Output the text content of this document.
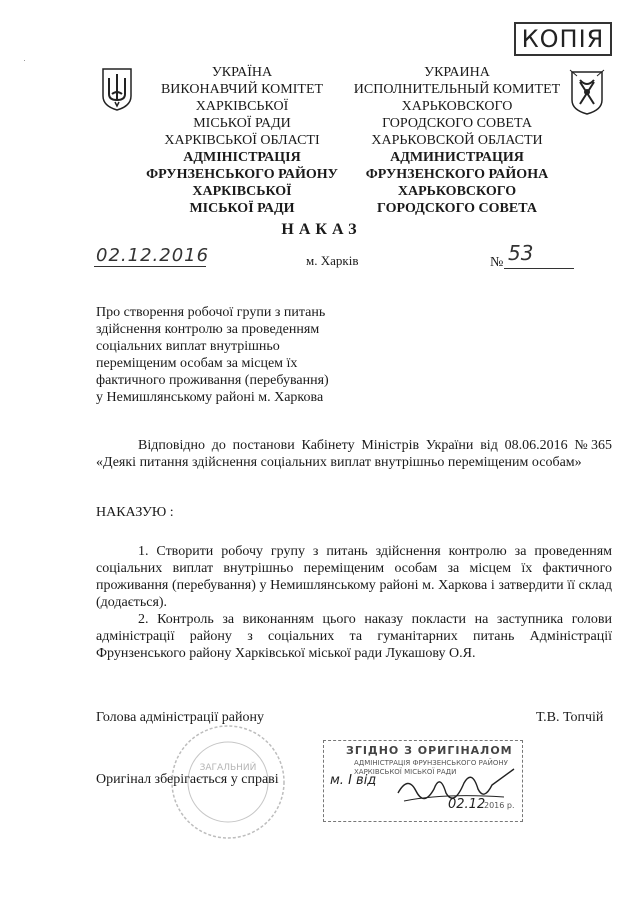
КОПІЯ
УКРАЇНА
ВИКОНАВЧИЙ КОМІТЕТ
ХАРКІВСЬКОЇ
МІСЬКОЇ РАДИ
ХАРКІВСЬКОЇ ОБЛАСТІ
АДМІНІСТРАЦІЯ
ФРУНЗЕНСЬКОГО РАЙОНУ
ХАРКІВСЬКОЇ
МІСЬКОЇ РАДИ
УКРАИНА
ИСПОЛНИТЕЛЬНЫЙ КОМИТЕТ
ХАРЬКОВСКОГО
ГОРОДСКОГО СОВЕТА
ХАРЬКОВСКОЙ ОБЛАСТИ
АДМИНИСТРАЦИЯ
ФРУНЗЕНСКОГО РАЙОНА
ХАРЬКОВСКОГО
ГОРОДСКОГО СОВЕТА
НАКАЗ
02.12.2016	м. Харків	№ 53
Про створення робочої групи з питань
здійснення контролю за проведенням
соціальних виплат внутрішньо
переміщеним особам за місцем їх
фактичного проживання (перебування)
у Немишлянському районі м. Харкова
Відповідно до постанови Кабінету Міністрів України від 08.06.2016 №365 «Деякі питання здійснення соціальних виплат внутрішньо переміщеним особам»
НАКАЗУЮ :
1. Створити робочу групу з питань здійснення контролю за проведенням соціальних виплат внутрішньо переміщеним особам за місцем їх фактичного проживання (перебування) у Немишлянському районі м. Харкова і затвердити її склад (додається).
2. Контроль за виконанням цього наказу покласти на заступника голови адміністрації району з соціальних та гуманітарних питань Адміністрації Фрунзенського району Харківської міської ради Лукашову О.Я.
Голова адміністрації району	Т.В. Топчій
ЗАГАЛЬНИЙ
Оригінал зберігається у справі
ЗГІДНО З ОРИГІНАЛОМ
АДМІНІСТРАЦІЯ ФРУНЗЕНСЬКОГО РАЙОНУ
ХАРКІВСЬКОЇ МІСЬКОЇ РАДИ
м. I вiд
02.12
2016 р.
